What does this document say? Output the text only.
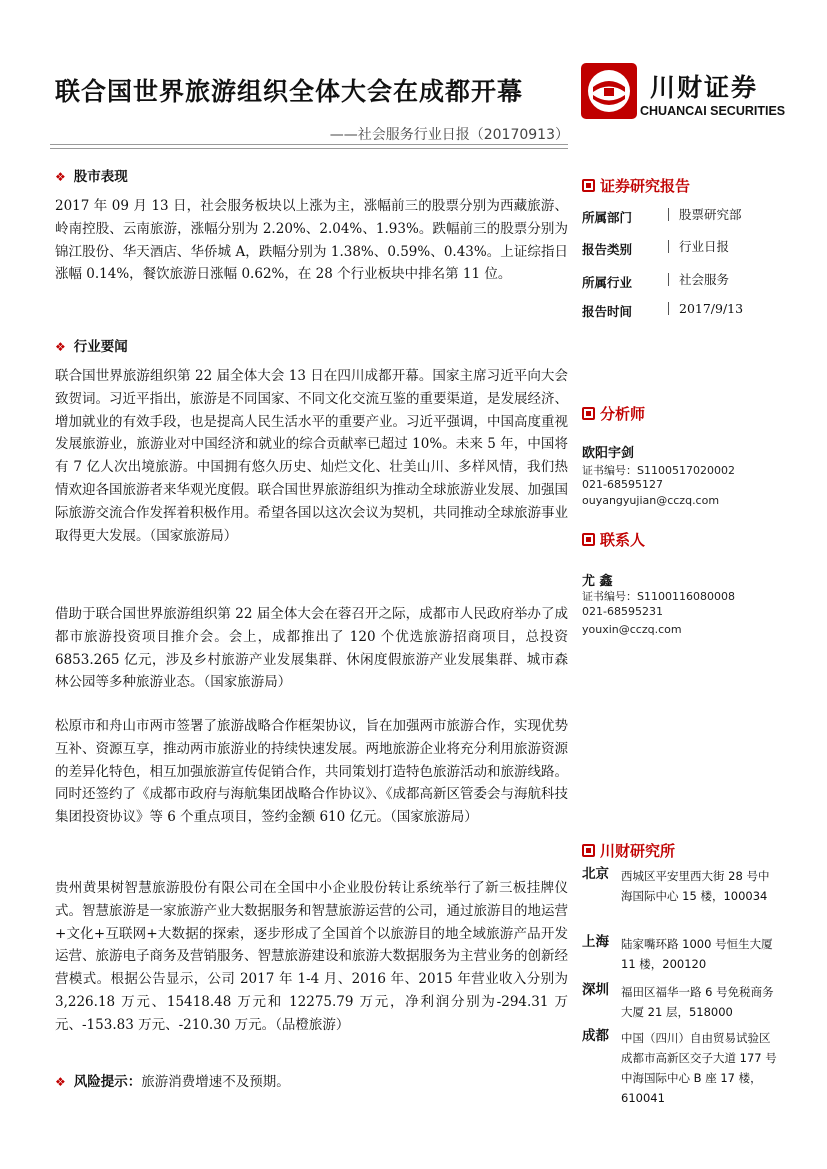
联合国世界旅游组织全体大会在成都开幕	川财证券
CHUANCAI SECURITIES
——社会服务行业日报（20170913）
❖ 股市表现
2017 年 09 月 13 日，社会服务板块以上涨为主，涨幅前三的股票分别为西藏旅游、岭南控股、云南旅游，涨幅分别为 2.20%、2.04%、1.93%。跌幅前三的股票分别为锦江股份、华天酒店、华侨城 A，跌幅分别为 1.38%、0.59%、0.43%。上证综指日涨幅 0.14%，餐饮旅游日涨幅 0.62%，在 28 个行业板块中排名第 11 位。
❖ 行业要闻
联合国世界旅游组织第 22 届全体大会 13 日在四川成都开幕。国家主席习近平向大会致贺词。习近平指出，旅游是不同国家、不同文化交流互鉴的重要渠道，是发展经济、增加就业的有效手段，也是提高人民生活水平的重要产业。习近平强调，中国高度重视发展旅游业，旅游业对中国经济和就业的综合贡献率已超过 10%。未来 5 年，中国将有 7 亿人次出境旅游。中国拥有悠久历史、灿烂文化、壮美山川、多样风情，我们热情欢迎各国旅游者来华观光度假。联合国世界旅游组织为推动全球旅游业发展、加强国际旅游交流合作发挥着积极作用。希望各国以这次会议为契机，共同推动全球旅游事业取得更大发展。（国家旅游局）
借助于联合国世界旅游组织第 22 届全体大会在蓉召开之际，成都市人民政府举办了成都市旅游投资项目推介会。会上，成都推出了 120 个优选旅游招商项目，总投资 6853.265 亿元，涉及乡村旅游产业发展集群、休闲度假旅游产业发展集群、城市森林公园等多种旅游业态。（国家旅游局）
松原市和舟山市两市签署了旅游战略合作框架协议，旨在加强两市旅游合作，实现优势互补、资源互享，推动两市旅游业的持续快速发展。两地旅游企业将充分利用旅游资源的差异化特色，相互加强旅游宣传促销合作，共同策划打造特色旅游活动和旅游线路。同时还签约了《成都市政府与海航集团战略合作协议》、《成都高新区管委会与海航科技集团投资协议》等 6 个重点项目，签约金额 610 亿元。（国家旅游局）
贵州黄果树智慧旅游股份有限公司在全国中小企业股份转让系统举行了新三板挂牌仪式。智慧旅游是一家旅游产业大数据服务和智慧旅游运营的公司，通过旅游目的地运营+文化+互联网+大数据的探索，逐步形成了全国首个以旅游目的地全域旅游产品开发运营、旅游电子商务及营销服务、智慧旅游建设和旅游大数据服务为主营业务的创新经营模式。根据公告显示，公司 2017 年 1-4 月、2016 年、2015 年营业收入分别为 3,226.18 万元、15418.48 万元和 12275.79 万元，净利润分别为-294.31 万元、-153.83 万元、-210.30 万元。（品橙旅游）
❖ 风险提示：旅游消费增速不及预期。
证券研究报告
所属部门	股票研究部
报告类别	行业日报
所属行业	社会服务
报告时间	2017/9/13
分析师
欧阳宇剑
证书编号：S1100517020002
021-68595127
ouyangyujian@cczq.com
联系人
尤 鑫
证书编号：S1100116080008
021-68595231
youxin@cczq.com
川财研究所
北京 西城区平安里西大街 28 号中海国际中心 15 楼，100034
上海 陆家嘴环路 1000 号恒生大厦 11 楼，200120
深圳 福田区福华一路 6 号免税商务大厦 21 层，518000
成都 中国（四川）自由贸易试验区成都市高新区交子大道 177 号中海国际中心 B 座 17 楼，610041
